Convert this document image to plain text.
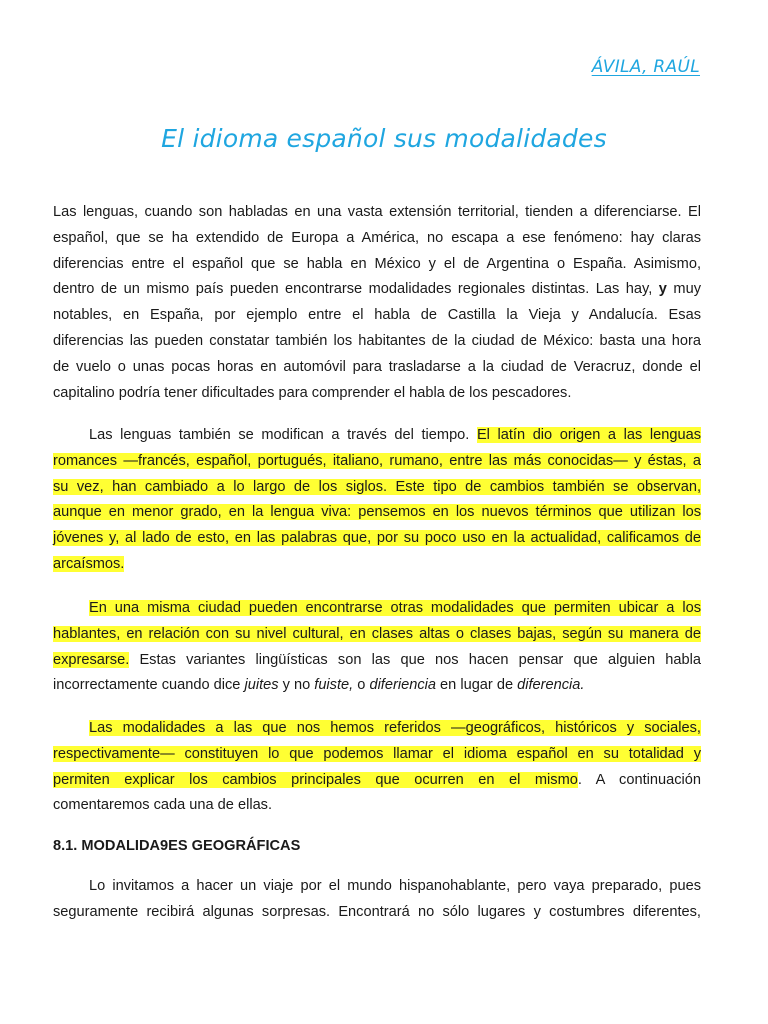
ÁVILA, RAÚL
El idioma español sus modalidades
Las lenguas, cuando son habladas en una vasta extensión territorial, tienden a diferenciarse. El
español, que se ha extendido de Europa a América, no escapa a ese fenómeno: hay claras
diferencias entre el español que se habla en México y el de Argentina o España. Asimismo,
dentro de un mismo país pueden encontrarse modalidades regionales distintas. Las hay, y muy
notables, en España, por ejemplo entre el habla de Castilla la Vieja y Andalucía. Esas
diferencias las pueden constatar también los habitantes de la ciudad de México: basta una hora
de vuelo o unas pocas horas en automóvil para trasladarse a la ciudad de Veracruz, donde el
capitalino podría tener dificultades para comprender el habla de los pescadores.
Las lenguas también se modifican a través del tiempo. El latín dio origen a las lenguas
romances —francés, español, portugués, italiano, rumano, entre las más conocidas— y éstas, a
su vez, han cambiado a lo largo de los siglos. Este tipo de cambios también se observan,
aunque en menor grado, en la lengua viva: pensemos en los nuevos términos que utilizan los
jóvenes y, al lado de esto, en las palabras que, por su poco uso en la actualidad, calificamos de
arcaísmos.
En una misma ciudad pueden encontrarse otras modalidades que permiten ubicar a los
hablantes, en relación con su nivel cultural, en clases altas o clases bajas, según su manera de
expresarse. Estas variantes lingüísticas son las que nos hacen pensar que alguien habla
incorrectamente cuando dice juites y no fuiste, o diferiencia en lugar de diferencia.
Las modalidades a las que nos hemos referidos —geográficos, históricos y sociales,
respectivamente— constituyen lo que podemos llamar el idioma español en su totalidad y
permiten explicar los cambios principales que ocurren en el mismo. A continuación
comentaremos cada una de ellas.
8.1. MODALIDA9ES GEOGRÁFICAS
Lo invitamos a hacer un viaje por el mundo hispanohablante, pero vaya preparado, pues
seguramente recibirá algunas sorpresas. Encontrará no sólo lugares y costumbres diferentes,
